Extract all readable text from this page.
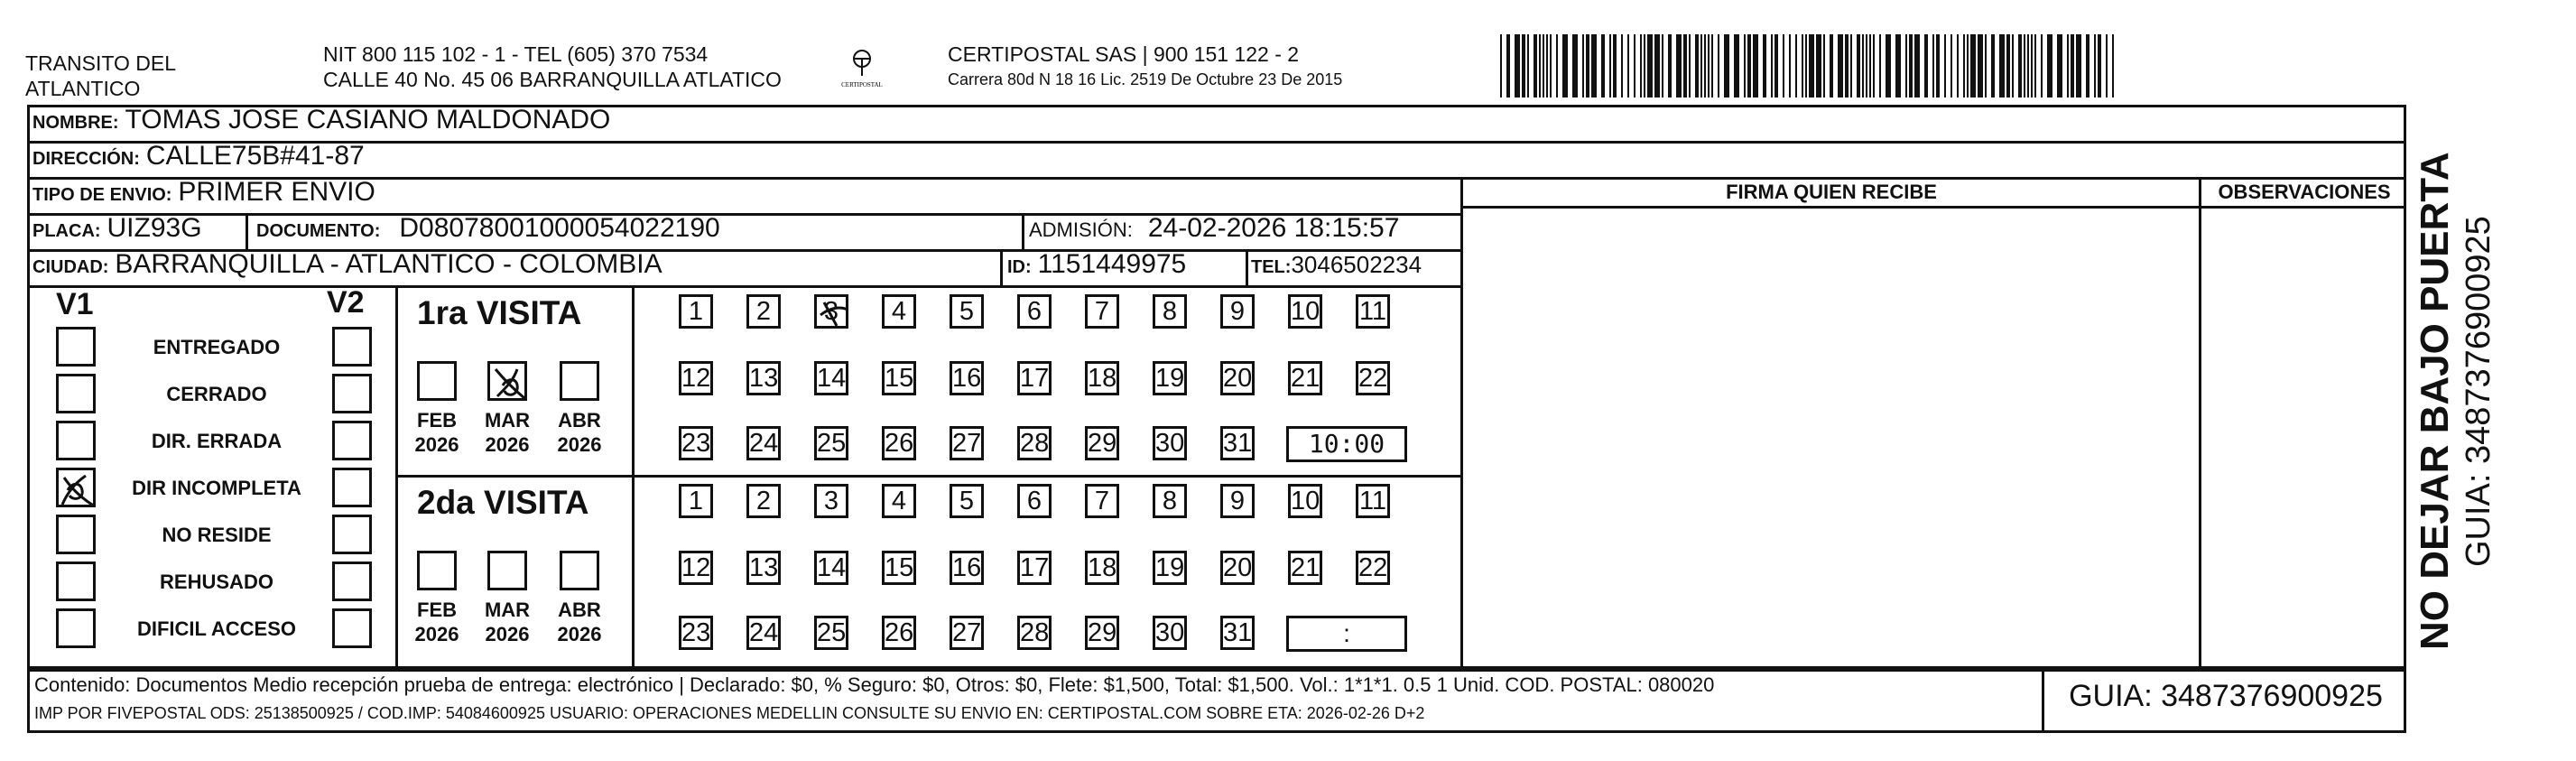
TRANSITO DEL
ATLANTICO
NIT 800 115 102 - 1 - TEL (605) 370 7534
CALLE 40 No. 45 06 BARRANQUILLA ATLATICO	CERTIPOSTAL
CERTIPOSTAL SAS | 900 151 122 - 2
Carrera 80d N 18 16 Lic. 2519 De Octubre 23 De 2015
NOMBRE: TOMAS JOSE CASIANO MALDONADO
DIRECCIÓN: CALLE75B#41-87
TIPO DE ENVIO: PRIMER ENVIO
PLACA: UIZ93G	DOCUMENTO: D08078001000054022190	ADMISIÓN: 24-02-2026 18:15:57
CIUDAD: BARRANQUILLA - ATLANTICO - COLOMBIA	ID: 1151449975	TEL:3046502234
FIRMA QUIEN RECIBE	OBSERVACIONES
V1	V2
ENTREGADO
CERRADO
DIR. ERRADA
DIR INCOMPLETA
NO RESIDE
REHUSADO
DIFICIL ACCESO
1ra VISITA
FEB
2026
MAR
2026
ABR
2026
1	2	3	4	5	6	7	8	9	10 11
12 13 14 15 16 17 18 19 20 21 22
23 24 25 26 27 28 29 30 31	10:00
2da VISITA
FEB
2026
MAR
2026
ABR
2026
1	2	3	4	5	6	7	8	9	10 11
12 13 14 15 16 17 18 19 20 21 22
23 24 25 26 27 28 29 30 31	:
Contenido: Documentos Medio recepción prueba de entrega: electrónico | Declarado: $0, % Seguro: $0, Otros: $0, Flete: $1,500, Total: $1,500. Vol.: 1*1*1. 0.5 1 Unid. COD. POSTAL: 080020
IMP POR FIVEPOSTAL ODS: 25138500925 / COD.IMP: 54084600925 USUARIO: OPERACIONES MEDELLIN CONSULTE SU ENVIO EN: CERTIPOSTAL.COM SOBRE ETA: 2026-02-26 D+2	GUIA: 3487376900925
NO DEJAR BAJO PUERTA GUIA: 3487376900925
